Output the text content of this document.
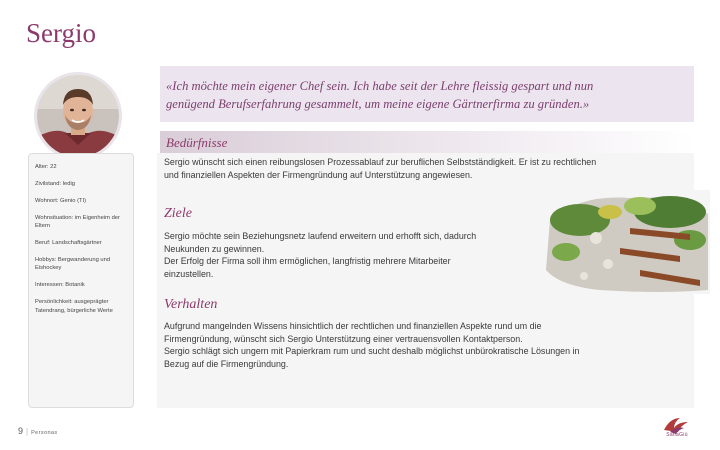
Sergio
«Ich möchte mein eigener Chef sein. Ich habe seit der Lehre fleissig gespart und nun
genügend Berufserfahrung gesammelt, um meine eigene Gärtnerfirma zu gründen.»
Bedürfnisse
Alter: 22
Zivilstand: ledig
Wohnort: Genio (TI)
Wohnsituation: im Eigenheim der Eltern
Beruf: Landschaftsgärtner
Hobbys: Bergwanderung und Eishockey
Interessen: Botanik
Persönlichkeit: ausgeprägter Tatendrang, bürgerliche Werte
Sergio wünscht sich einen reibungslosen Prozessablauf zur beruflichen Selbstständigkeit. Er ist zu rechtlichen
und finanziellen Aspekten der Firmengründung auf Unterstützung angewiesen.
Ziele
Sergio möchte sein Beziehungsnetz laufend erweitern und erhofft sich, dadurch
Neukunden zu gewinnen.
Der Erfolg der Firma soll ihm ermöglichen, langfristig mehrere Mitarbeiter
einzustellen.
Verhalten
Aufgrund mangelnden Wissens hinsichtlich der rechtlichen und finanziellen Aspekte rund um die
Firmengründung, wünscht sich Sergio Unterstützung einer vertrauensvollen Kontaktperson.
Sergio schlägt sich ungern mit Papierkram rum und sucht deshalb möglichst unbürokratische Lösungen in
Bezug auf die Firmengründung.
9 | Personas	SanaGiù
